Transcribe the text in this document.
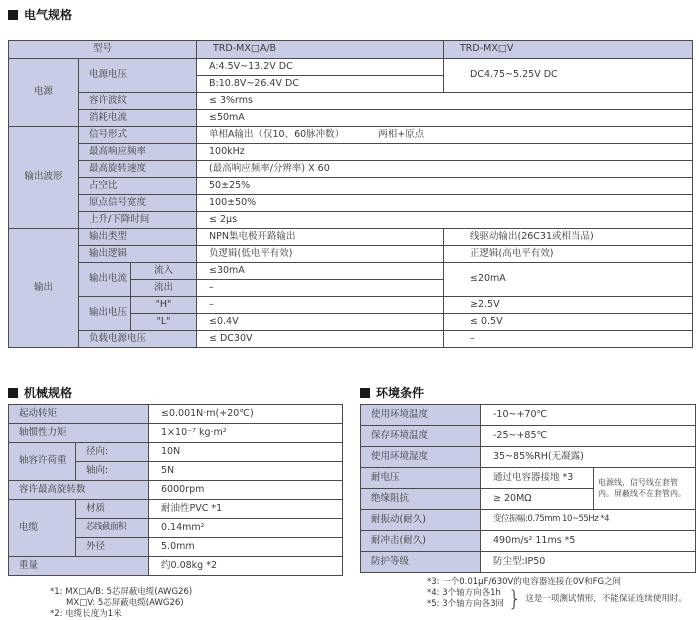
电气规格
型号			TRD-MX□A/B	TRD-MX□V
电源	电源电压		A:4.5V~13.2V DC	DC4.75~5.25V DC
			B:10.8V~26.4V DC	
	容许波纹		≤ 3%rms	
	消耗电流		≤50mA	
输出波形	信号形式		单相A输出（仅10、60脉冲数） 两相+原点	
	最高响应频率		100kHz	
	最高旋转速度		(最高响应频率/分辨率) X 60	
	占空比		50±25%	
	原点信号宽度		100±50%	
	上升/下降时间		≤ 2μs	
输出	输出类型		NPN集电极开路输出	线驱动输出(26C31或相当品)
	输出逻辑		负逻辑(低电平有效)	正逻辑(高电平有效)
	输出电流	流入	≤30mA	≤20mA
		流出	–	
	输出电压	"H"	–	≥2.5V
		"L"	≤0.4V	≤ 0.5V
	负载电源电压		≤ DC30V	–
机械规格
起动转矩		≤0.001N·m(+20℃)
轴惯性力矩		1×10⁻⁷ kg·m²
轴容许荷重	径向:	10N
	轴向:	5N
容许最高旋转数		6000rpm
电缆	材质	耐油性PVC *1
	芯线截面积	0.14mm²
	外径	5.0mm
重量		约0.08kg *2
*1: MX□A/B: 5芯屏蔽电缆(AWG26)
MX□V: 5芯屏蔽电缆(AWG26)
*2: 电缆长度为1米
环境条件
使用环境温度	-10~+70℃	
保存环境温度	-25~+85℃	
使用环境湿度	35~85%RH(无凝露)	
耐电压	通过电容器接地 *3	电源线，信号线在套管内。屏蔽线不在套管内。
绝缘阻抗	≥ 20MΩ	
耐振动(耐久)	变位振幅:0.75mm 10~55Hz *4	
耐冲击(耐久)	490m/s² 11ms *5	
防护等级	防尘型:IP50	
*3: 一个0.01μF/630V的电容器连接在0V和FG之间
*4: 3个轴方向各1h
*5: 3个轴方向各3回 } 这是一项测试情形，不能保证连续使用时。
